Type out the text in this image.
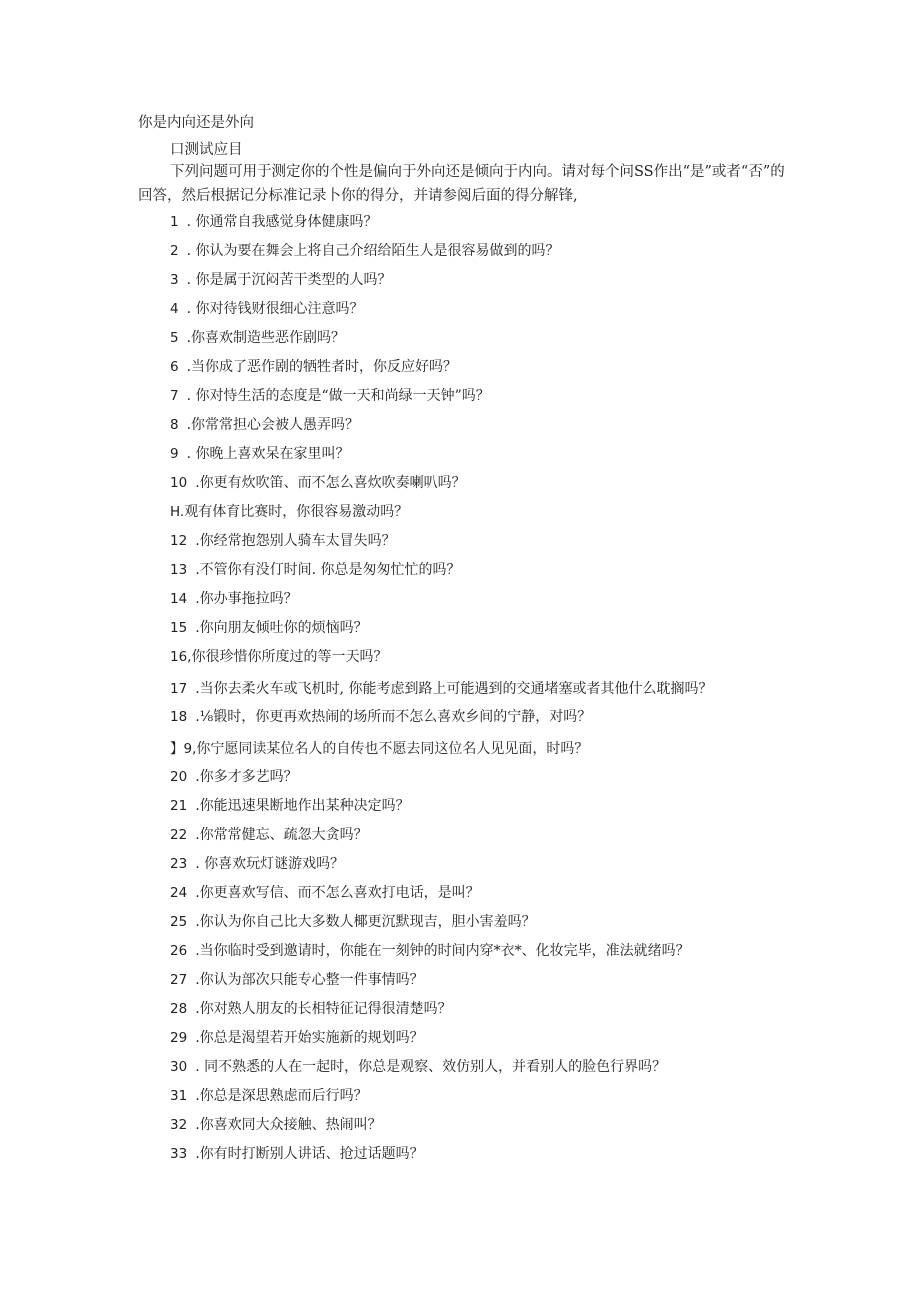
你是内向还是外向
口测试应目
下列问题可用于测定你的个性是偏向于外向还是倾向于内向。请对每个问SS作出“是”或者“否”的回答，然后根据记分标准记录卜你的得分，并请参阅后面的得分解锋,
1 . 你通常自我感觉身体健康吗？
2 . 你认为要在舞会上将自己介绍给陌生人是很容易做到的吗？
3 . 你是属于沉闷苦干类型的人吗？
4 . 你对待钱财很细心注意吗？
5 .你喜欢制造些恶作剧吗？
6 .当你成了恶作剧的牺牲者时，你反应好吗？
7 . 你对恃生活的态度是“做一天和尚绿一天钟”吗？
8 .你常常担心会被人愚弄吗？
9 . 你晚上喜欢呆在家里叫？
10 .你更有炊吹笛、而不怎么喜炊吹奏喇叭吗？
H.观有体育比赛时，你很容易激动吗？
12 .你经常抱怨别人骑车太冒失吗？
13 .不管你有没仃时间. 你总是匆匆忙忙的吗？
14 .你办事拖拉吗？
15 .你向朋友倾吐你的烦恼吗？
16,你很珍惜你所度过的等一天吗？
17 .当你去柔火车或飞机时, 你能考虑到路上可能遇到的交通堵塞或者其他什么耽搁吗？
18 .⅛锻时，你更再欢热闹的场所而不怎么喜欢乡间的宁静，对吗？
】9,你宁愿同读某位名人的自传也不愿去同这位名人见见面，时吗？
20 .你多才多艺吗？
21 .你能迅速果断地作出某种决定吗？
22 .你常常健忘、疏忽大贪吗？
23 . 你喜欢玩灯谜游戏吗？
24 .你更喜欢写信、而不怎么喜欢打电话，是叫？
25 .你认为你自己比大多数人椰更沉默现吉，胆小害羞吗？
26 .当你临时受到邀请时，你能在一刻钟的时间内穿*衣*、化妆完毕，准法就绪吗？
27 .你认为部次只能专心整一件事情吗？
28 .你对熟人朋友的长相特征记得很清楚吗？
29 .你总是渴望若开始实施新的规划吗？
30 . 同不熟悉的人在一起时，你总是观察、效仿别人，并看别人的脸色行界吗？
31 .你总是深思熟虑而后行吗？
32 .你喜欢同大众接触、热闹叫？
33 .你有时打断别人讲话、抢过话题吗？
